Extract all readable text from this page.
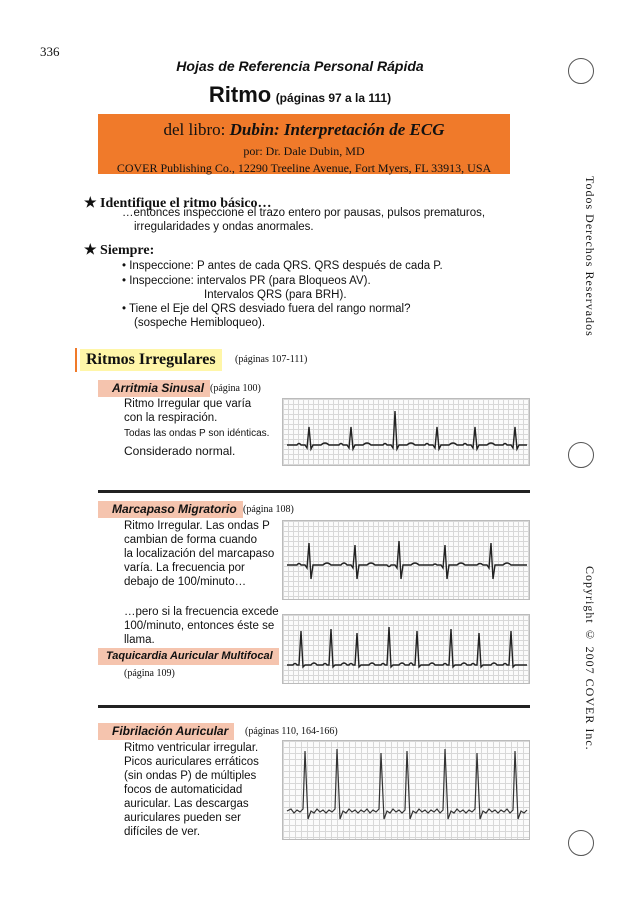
336
Hojas de Referencia Personal Rápida
Ritmo (páginas 97 a la 111)
del libro: Dubin: Interpretación de ECG
por: Dr. Dale Dubin, MD
COVER Publishing Co., 12290 Treeline Avenue, Fort Myers, FL 33913, USA
Todos Derechos Reservados
Copyright © 2007 COVER Inc.
★ Identifique el ritmo básico…
…entonces inspeccione el trazo entero por pausas, pulsos prematuros,
irregularidades y ondas anormales.
★ Siempre:
• Inspeccione: P antes de cada QRS. QRS después de cada P.
• Inspeccione: intervalos PR (para Bloqueos AV).
Intervalos QRS (para BRH).
• Tiene el Eje del QRS desviado fuera del rango normal?
(sospeche Hemibloqueo).
Ritmos Irregulares	(páginas 107-111)
Arritmia Sinusal (página 100)
Ritmo Irregular que varía
con la respiración.
Todas las ondas P son idénticas.
Considerado normal.
Marcapaso Migratorio (página 108)
Ritmo Irregular. Las ondas P
cambian de forma cuando
la localización del marcapaso
varía. La frecuencia por
debajo de 100/minuto…
…pero si la frecuencia excede
100/minuto, entonces éste se
llama.
Taquicardia Auricular Multifocal
(página 109)
Fibrilación Auricular	(páginas 110, 164-166)
Ritmo ventricular irregular.
Picos auriculares erráticos
(sin ondas P) de múltiples
focos de automaticidad
auricular. Las descargas
auriculares pueden ser
difíciles de ver.
